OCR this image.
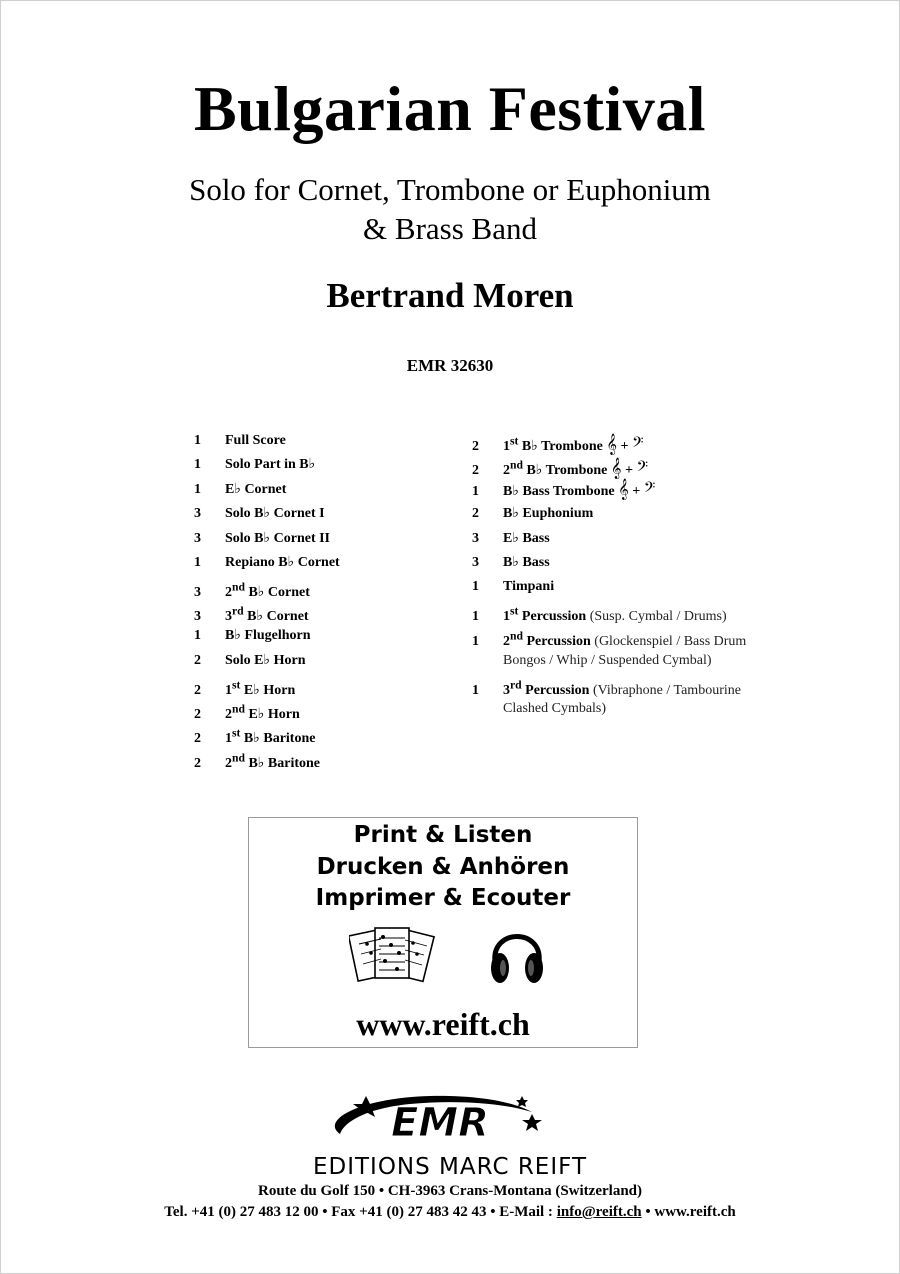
Bulgarian Festival
Solo for Cornet, Trombone or Euphonium
& Brass Band
Bertrand Moren
EMR 32630
1 Full Score
1 Solo Part in B♭
1 E♭ Cornet
3 Solo B♭ Cornet I
3 Solo B♭ Cornet II
1 Repiano B♭ Cornet
3 2nd B♭ Cornet
3 3rd B♭ Cornet
1 B♭ Flugelhorn
2 Solo E♭ Horn
2 1st E♭ Horn
2 2nd E♭ Horn
2 1st B♭ Baritone
2 2nd B♭ Baritone
2 1st B♭ Trombone 𝄞 + 𝄢
2 2nd B♭ Trombone 𝄞 + 𝄢
1 B♭ Bass Trombone 𝄞 + 𝄢
2 B♭ Euphonium
3 E♭ Bass
3 B♭ Bass
1 Timpani
1 1st Percussion (Susp. Cymbal / Drums)
1 2nd Percussion (Glockenspiel / Bass Drum
Bongos / Whip / Suspended Cymbal)
1 3rd Percussion (Vibraphone / Tambourine
Clashed Cymbals)
Print & Listen
Drucken & Anhören
Imprimer & Ecouter
www.reift.ch
EMR
EDITIONS MARC REIFT
Route du Golf 150 • CH-3963 Crans-Montana (Switzerland)
Tel. +41 (0) 27 483 12 00 • Fax +41 (0) 27 483 42 43 • E-Mail : info@reift.ch • www.reift.ch
